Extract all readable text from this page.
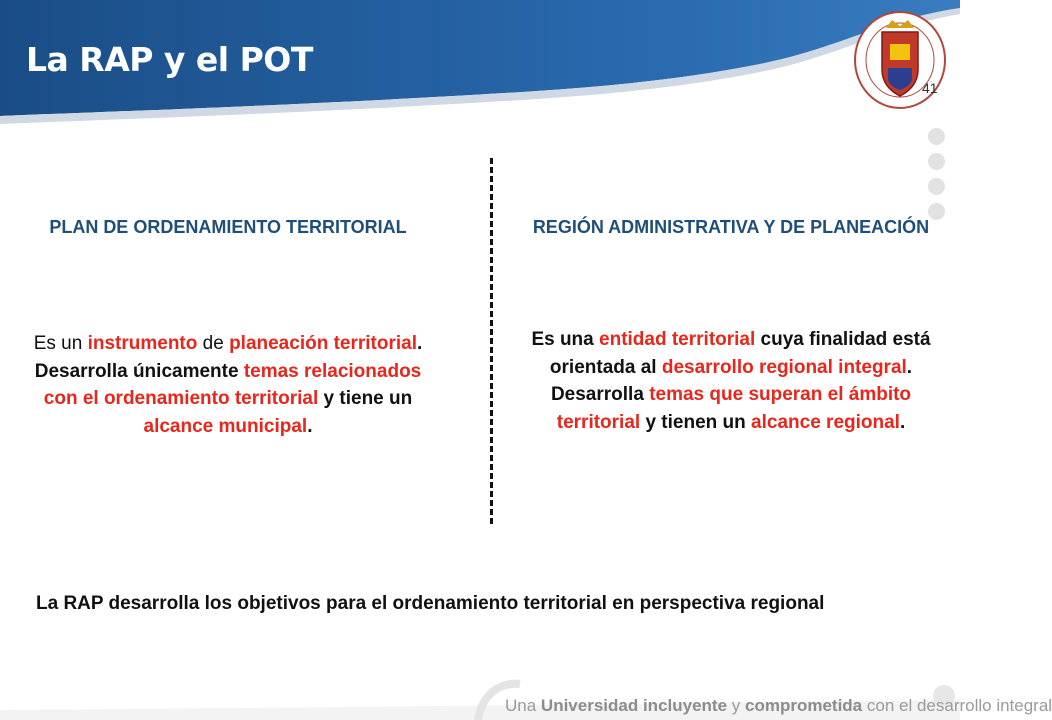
La RAP y el POT
41
PLAN DE ORDENAMIENTO TERRITORIAL
Es un instrumento de planeación territorial. Desarrolla únicamente temas relacionados con el ordenamiento territorial y tiene un alcance municipal.
REGIÓN ADMINISTRATIVA Y DE PLANEACIÓN
Es una entidad territorial cuya finalidad está orientada al desarrollo regional integral. Desarrolla temas que superan el ámbito territorial y tienen un alcance regional.
La RAP desarrolla los objetivos para el ordenamiento territorial en perspectiva regional
Una Universidad incluyente y comprometida con el desarrollo integral
